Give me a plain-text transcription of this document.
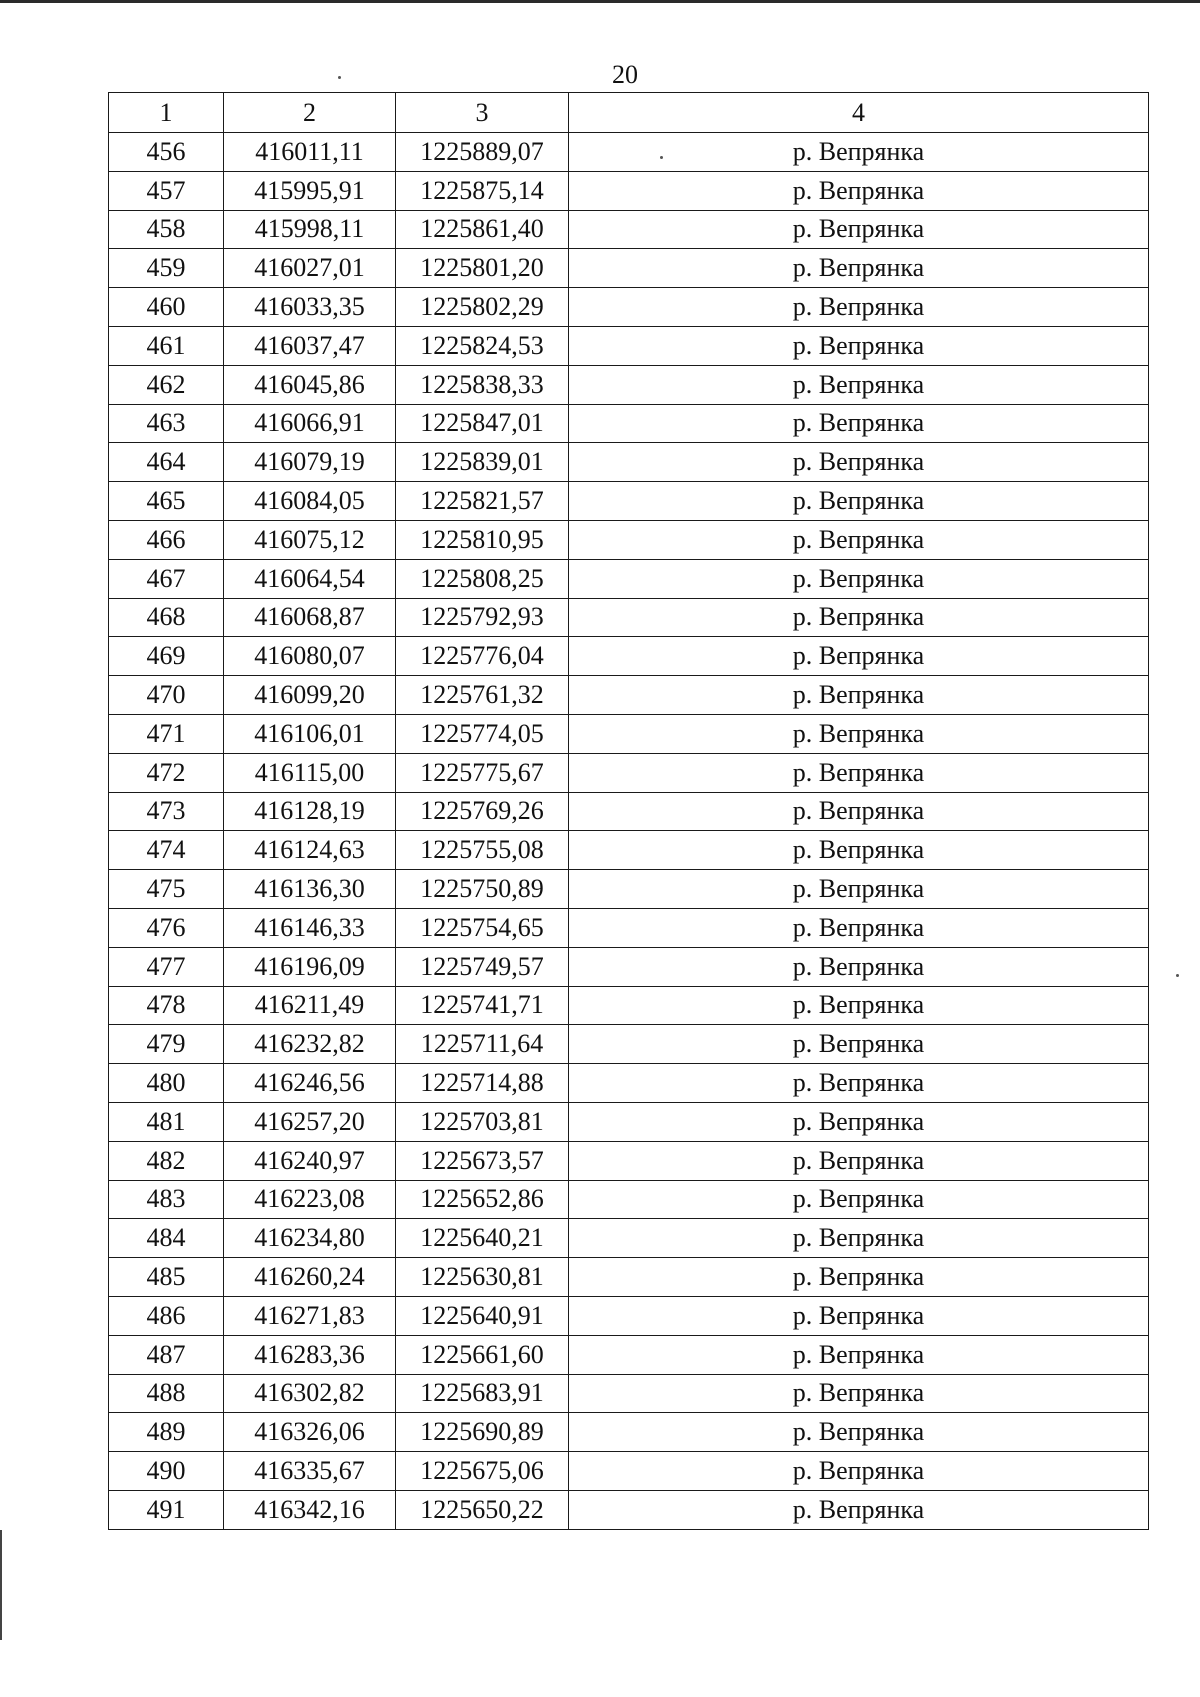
20
1	2	3	4
456	416011,11	1225889,07	р. Вепрянка
457	415995,91	1225875,14	р. Вепрянка
458	415998,11	1225861,40	р. Вепрянка
459	416027,01	1225801,20	р. Вепрянка
460	416033,35	1225802,29	р. Вепрянка
461	416037,47	1225824,53	р. Вепрянка
462	416045,86	1225838,33	р. Вепрянка
463	416066,91	1225847,01	р. Вепрянка
464	416079,19	1225839,01	р. Вепрянка
465	416084,05	1225821,57	р. Вепрянка
466	416075,12	1225810,95	р. Вепрянка
467	416064,54	1225808,25	р. Вепрянка
468	416068,87	1225792,93	р. Вепрянка
469	416080,07	1225776,04	р. Вепрянка
470	416099,20	1225761,32	р. Вепрянка
471	416106,01	1225774,05	р. Вепрянка
472	416115,00	1225775,67	р. Вепрянка
473	416128,19	1225769,26	р. Вепрянка
474	416124,63	1225755,08	р. Вепрянка
475	416136,30	1225750,89	р. Вепрянка
476	416146,33	1225754,65	р. Вепрянка
477	416196,09	1225749,57	р. Вепрянка
478	416211,49	1225741,71	р. Вепрянка
479	416232,82	1225711,64	р. Вепрянка
480	416246,56	1225714,88	р. Вепрянка
481	416257,20	1225703,81	р. Вепрянка
482	416240,97	1225673,57	р. Вепрянка
483	416223,08	1225652,86	р. Вепрянка
484	416234,80	1225640,21	р. Вепрянка
485	416260,24	1225630,81	р. Вепрянка
486	416271,83	1225640,91	р. Вепрянка
487	416283,36	1225661,60	р. Вепрянка
488	416302,82	1225683,91	р. Вепрянка
489	416326,06	1225690,89	р. Вепрянка
490	416335,67	1225675,06	р. Вепрянка
491	416342,16	1225650,22	р. Вепрянка
